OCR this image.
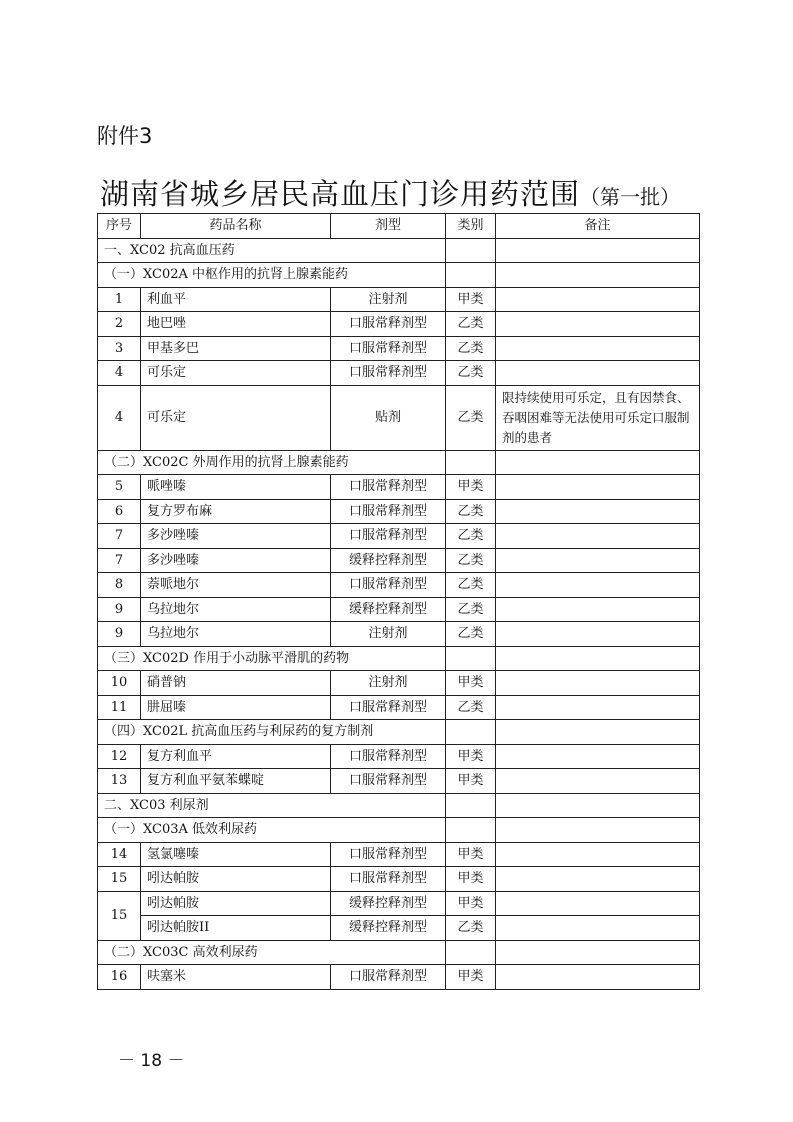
附件3
湖南省城乡居民高血压门诊用药范围（第一批）
序号	药品名称	剂型	类别	备注
一、XC02 抗高血压药				
（一）XC02A 中枢作用的抗肾上腺素能药				
1	利血平	注射剂	甲类	
2	地巴唑	口服常释剂型	乙类	
3	甲基多巴	口服常释剂型	乙类	
4	可乐定	口服常释剂型	乙类	
4	可乐定	贴剂	乙类	限持续使用可乐定，且有因禁食、吞咽困难等无法使用可乐定口服制剂的患者
（二）XC02C 外周作用的抗肾上腺素能药				
5	哌唑嗪	口服常释剂型	甲类	
6	复方罗布麻	口服常释剂型	乙类	
7	多沙唑嗪	口服常释剂型	乙类	
7	多沙唑嗪	缓释控释剂型	乙类	
8	萘哌地尔	口服常释剂型	乙类	
9	乌拉地尔	缓释控释剂型	乙类	
9	乌拉地尔	注射剂	乙类	
（三）XC02D 作用于小动脉平滑肌的药物				
10	硝普钠	注射剂	甲类	
11	肼屈嗪	口服常释剂型	乙类	
（四）XC02L 抗高血压药与利尿药的复方制剂				
12	复方利血平	口服常释剂型	甲类	
13	复方利血平氨苯蝶啶	口服常释剂型	甲类	
二、XC03 利尿剂				
（一）XC03A 低效利尿药				
14	氢氯噻嗪	口服常释剂型	甲类	
15	吲达帕胺	口服常释剂型	甲类	
15	吲达帕胺	缓释控释剂型	甲类	
	吲达帕胺II	缓释控释剂型	乙类	
（二）XC03C 高效利尿药				
16	呋塞米	口服常释剂型	甲类	
－ 18 －
